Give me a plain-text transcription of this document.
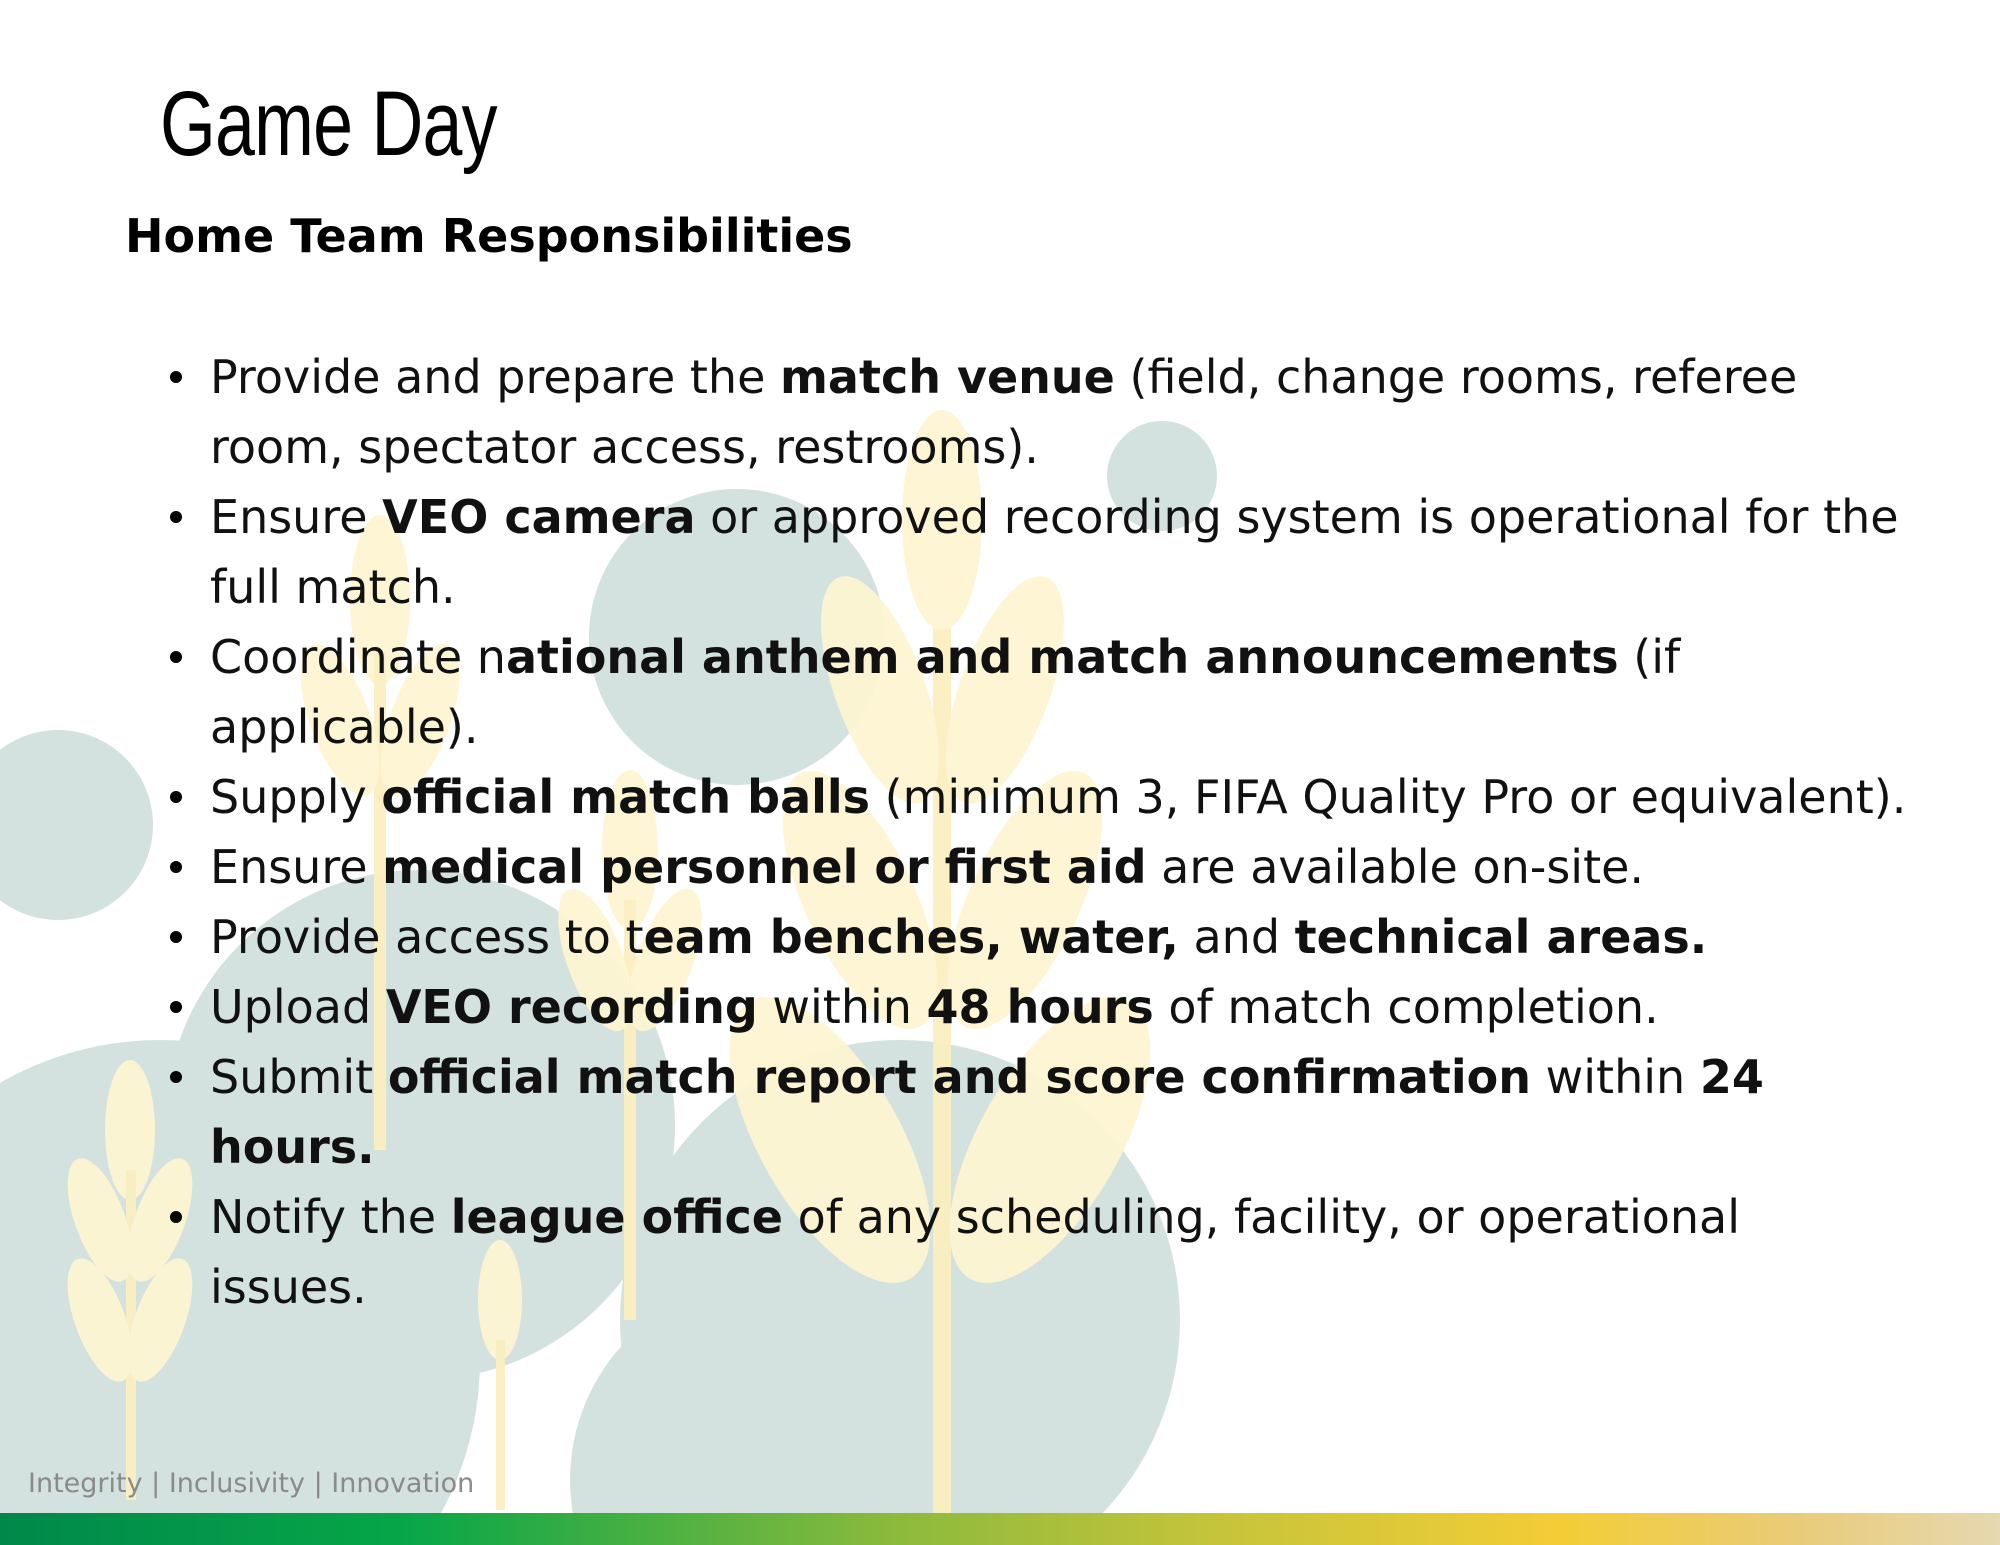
Game Day
Home Team Responsibilities
Provide and prepare the match venue (field, change rooms, referee room, spectator access, restrooms).
Ensure VEO camera or approved recording system is operational for the full match.
Coordinate national anthem and match announcements (if applicable).
Supply official match balls (minimum 3, FIFA Quality Pro or equivalent).
Ensure medical personnel or first aid are available on-site.
Provide access to team benches, water, and technical areas.
Upload VEO recording within 48 hours of match completion.
Submit official match report and score confirmation within 24 hours.
Notify the league office of any scheduling, facility, or operational issues.
Integrity | Inclusivity | Innovation
